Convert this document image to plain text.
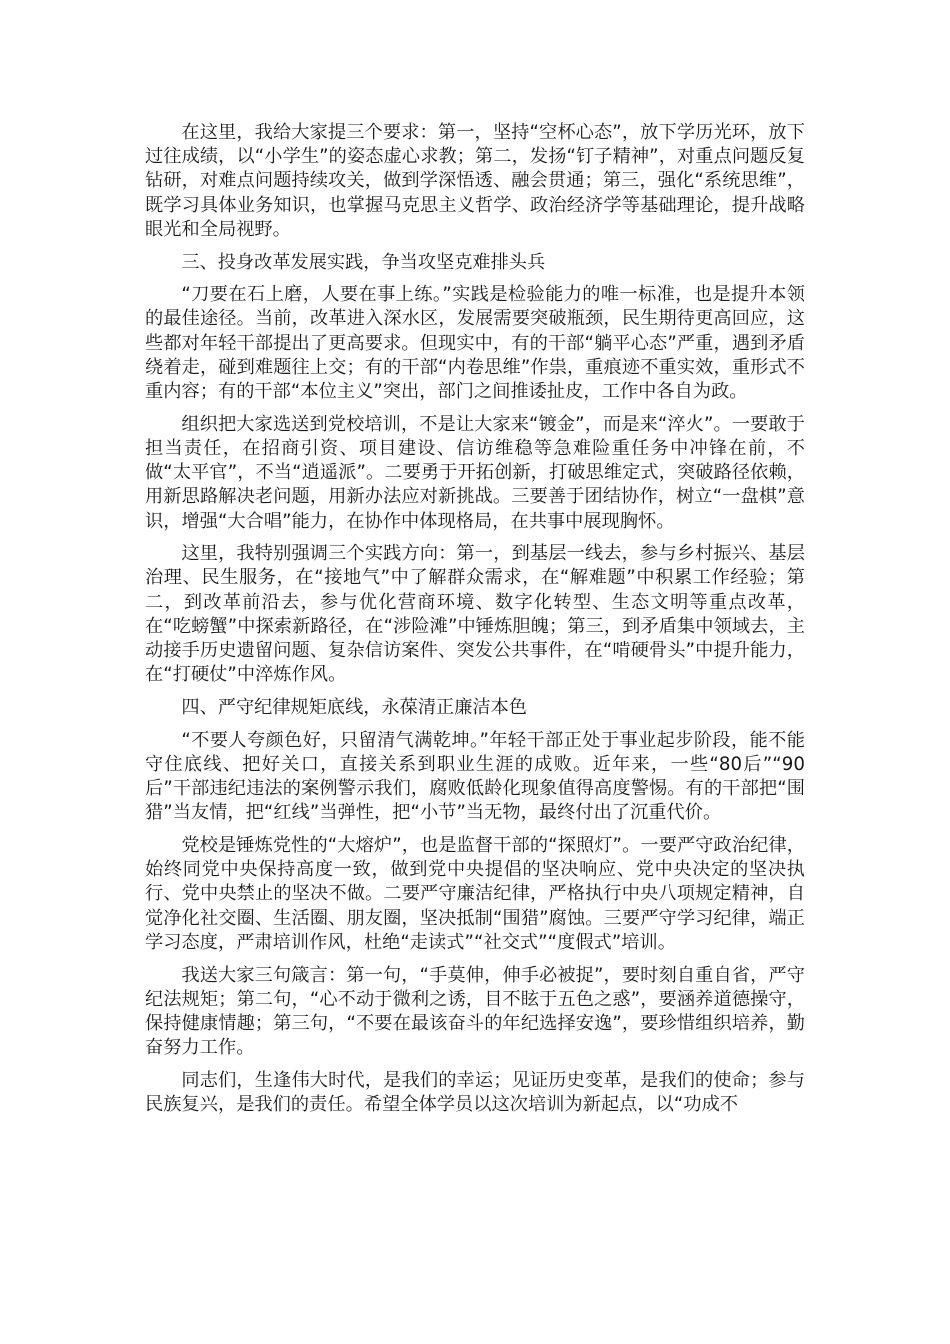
在这里，我给大家提三个要求：第一，坚持“空杯心态”，放下学历光环，放下过往成绩，以“小学生”的姿态虚心求教；第二，发扬“钉子精神”，对重点问题反复钻研，对难点问题持续攻关，做到学深悟透、融会贯通；第三，强化“系统思维”，既学习具体业务知识，也掌握马克思主义哲学、政治经济学等基础理论，提升战略眼光和全局视野。

三、投身改革发展实践，争当攻坚克难排头兵

“刀要在石上磨，人要在事上练。”实践是检验能力的唯一标准，也是提升本领的最佳途径。当前，改革进入深水区，发展需要突破瓶颈，民生期待更高回应，这些都对年轻干部提出了更高要求。但现实中，有的干部“躺平心态”严重，遇到矛盾绕着走，碰到难题往上交；有的干部“内卷思维”作祟，重痕迹不重实效，重形式不重内容；有的干部“本位主义”突出，部门之间推诿扯皮，工作中各自为政。

组织把大家选送到党校培训，不是让大家来“镀金”，而是来“淬火”。一要敢于担当责任，在招商引资、项目建设、信访维稳等急难险重任务中冲锋在前，不做“太平官”，不当“逍遥派”。二要勇于开拓创新，打破思维定式，突破路径依赖，用新思路解决老问题，用新办法应对新挑战。三要善于团结协作，树立“一盘棋”意识，增强“大合唱”能力，在协作中体现格局，在共事中展现胸怀。

这里，我特别强调三个实践方向：第一，到基层一线去，参与乡村振兴、基层治理、民生服务，在“接地气”中了解群众需求，在“解难题”中积累工作经验；第二，到改革前沿去，参与优化营商环境、数字化转型、生态文明等重点改革，在“吃螃蟹”中探索新路径，在“涉险滩”中锤炼胆魄；第三，到矛盾集中领域去，主动接手历史遗留问题、复杂信访案件、突发公共事件，在“啃硬骨头”中提升能力，在“打硬仗”中淬炼作风。

四、严守纪律规矩底线，永葆清正廉洁本色

“不要人夸颜色好，只留清气满乾坤。”年轻干部正处于事业起步阶段，能不能守住底线、把好关口，直接关系到职业生涯的成败。近年来，一些“80后”“90后”干部违纪违法的案例警示我们，腐败低龄化现象值得高度警惕。有的干部把“围猎”当友情，把“红线”当弹性，把“小节”当无物，最终付出了沉重代价。

党校是锤炼党性的“大熔炉”，也是监督干部的“探照灯”。一要严守政治纪律，始终同党中央保持高度一致，做到党中央提倡的坚决响应、党中央决定的坚决执行、党中央禁止的坚决不做。二要严守廉洁纪律，严格执行中央八项规定精神，自觉净化社交圈、生活圈、朋友圈，坚决抵制“围猎”腐蚀。三要严守学习纪律，端正学习态度，严肃培训作风，杜绝“走读式”“社交式”“度假式”培训。

我送大家三句箴言：第一句，“手莫伸，伸手必被捉”，要时刻自重自省，严守纪法规矩；第二句，“心不动于微利之诱，目不眩于五色之惑”，要涵养道德操守，保持健康情趣；第三句，“不要在最该奋斗的年纪选择安逸”，要珍惜组织培养，勤奋努力工作。

同志们，生逢伟大时代，是我们的幸运；见证历史变革，是我们的使命；参与民族复兴，是我们的责任。希望全体学员以这次培训为新起点，以“功成不
